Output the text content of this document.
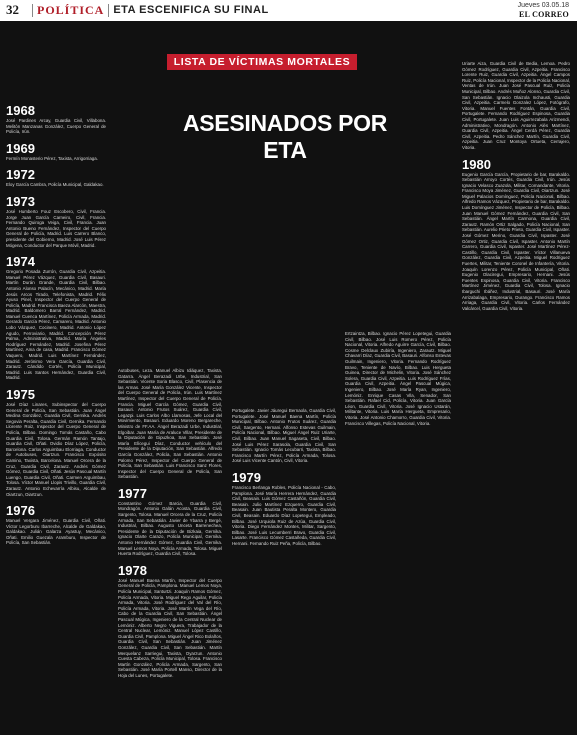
32	POLÍTICA ETA ESCENIFICA SU FINAL	Jueves 03.05.18
EL CORREO
LISTA DE VÍCTIMAS MORTALES
ASESINADOS POR ETA
1968
José Pardines Arcay, Guardia Civil, Villabona. Melitón Manzanas González, Cuerpo General de Policía, Irún.
1969
Fermín Monasterio Pérez, Taxista, Arrigorriaga.
1972
Eloy García Cambra, Policía Municipal, Galdakao.
1973
José Humberto Fouz Escobero, Civil, Francia. Jorge Juan García Carneiro, Civil, Francia. Fernando Quiroga Veiga, Civil, Francia. Juan Antonio Bueno Fernández, Inspector del Cuerpo General de Policía, Madrid. Luis Carrero Blanco, presidente del Gobierno, Madrid. José Luis Pérez Mógena, Conductor del Parque Móvil, Madrid.
1974
Gregorio Posada Zurrón, Guardia Civil, Azpeitia. Manuel Pérez Vázquez, Guardia Civil, Basauri. Martín Durán Grande, Guardia Civil, Bilbao. Antonio Alonso Palacín, Mecánico, Madrid. María Jesús Arcos Tirado, Telefonista, Madrid. Félix Ayuso Pinel, Inspector del Cuerpo General de Policía, Madrid. Francisca Baeza Alarcón, Maestra, Madrid. Baldomero Barral Fernández, Madrid. Manuel Cuenca Martínez, Policía Armada, Madrid. Gerardo García Pérez, Camarero, Madrid. Antonio Lobo Vázquez, Cocinero, Madrid. Antonio López Agudo, Ferroviario, Madrid. Concepción Pérez Palma, Administrativa, Madrid. María Ángeles Rodríguez Fernández, Madrid. Josefina Pérez Martínez, Ama de casa, Madrid. Francisco Gómez Vaquero, Madrid. Luis Martínez Fernández, Madrid. Jerónimo Vera García, Guardia Civil, Zarautz. Cándido Cortés, Policía Municipal, Madrid. Luis Santos Hernández, Guardia Civil, Madrid.
1975
José Díaz Linares, Subinspector del Cuerpo General de Policía, San Sebastián. Juan Ángel Medina González, Guardia Civil, Gernika. Andrés Segovia Peralta, Guardia Civil, Gernika. Fernando Llorente Roiz, Inspector del Cuerpo General de Policía, Bilbao. Domingo Tomás Castaño, Cabo Guardia Civil, Tolosa. Germán Ramón Tantajo, Guardia Civil, Oñati. Ovidio Díaz López, Policía, Barcelona. Carlos Arguimbau Elorriaga, Conductor de Autobuses, Oiartzun. Francisco Expósito Camino, Taxista, Barcelona. Manuel Orcera de la Cruz, Guardia Civil, Zarautz. Andrés Gómez Gómez, Guardia Civil, Oñati. Jesús Pascual Martín Luengo, Guardia Civil, Oñati. Carmen Arguimbau, Tolosa. Víctor Manuel Llopis Trivillo, Guardia Civil, Zarautz. Antonio Echevarría Albisu, Alcalde de Oiartzun, Oiartzun.
1976
Manuel Vergara Jiménez, Guardia Civil, Oñati. Víctor Legorburu Ibarreche, Alcalde de Galdakao, Galdakao. Julián Galarza Ayastuy, Mecánico, Oñati. Emilio Guezala Aramburu, Inspector de Policía, San Sebastián.
Autobuses, Leza. Manuel Albizu Idiáquez, Taxista, Gatarra. Ángel Berazadi Urbe, Industrial, San Sebastián. Vicente Soria Blasco, Civil, Plasencia de las Armas. José María González Vicente, Inspector del Cuerpo General de Policía, Irún. Luis Martínez Martínez, Inspector del Cuerpo General de Policía, Francia. Miguel García Gómez, Guardia Civil, Basauri. Antonio Frutos Suárez, Guardia Civil, Legazpi. Luis Carlos Albo Llamosas, Jefe Local del Movimiento, Basauri. Eduardo Moreno Bergareche, Ministro de FF.AA. Ángel Berazadi Urbe, Industrial, Elgoibar. Juan María de Araluce Villar, Presidente de la Diputación de Gipuzkoa, San Sebastián. José María Elícegui Díaz, Conductor vehículo del Presidente de la Diputación, San Sebastián. Alfredo García González, Policía, San Sebastián. Antonio Palomo Pérez, Inspector del Cuerpo General de Policía, San Sebastián. Luis Francisco Sanz Flores, Inspector del Cuerpo General de Policía, San Sebastián.
1977
Constantino Gómez Barcia, Guardia Civil, Mondragón. Antonio Galán Acosta, Guardia Civil, Sargento, Tolosa. Manuel Orcera de la Cruz, Policía Armada, San Sebastián. Javier de Ybarra y Bergé, Industrial, Bilbao. Augusto Unceta Barrenechea, Presidente de la Diputación de Bizkaia, Gernika. Ignacio Olarte Carazo, Policía Municipal, Gernika. Antonio Hernández Gómez, Guardia Civil, Gernika. Manuel Lemos Noya, Policía Armada, Tolosa. Miguel Huerta Rodríguez, Guardia Civil, Tolosa.
1978
José Manuel Baena Martín, Inspector del Cuerpo General de Policía, Pamplona. Manuel Lemos Noya, Policía Municipal, Santurtzi. Joaquín Ramos Gómez, Policía Armada, Vitoria. Miguel Rego Aguilar, Policía Armada, Vitoria. José Rodríguez del Val del Río, Policía Armada, Vitoria. José Martín Vega del Río, Cabo de la Guardia Civil, San Sebastián. Ángel Pascual Múgica, Ingeniero de la Central Nuclear de Lemóniz. Alberto Negro Viguera, Trabajador de la Central Nuclear, Lemóniz. Manuel López Castillo, Guardia Civil, Pamplona. Miguel Ángel Rico Bolaños, Guardia Civil, San Sebastián. Juan Jiménez González, Guardia Civil, San Sebastián. Martín Merquelanz Sarriegui, Taxista, Oyarzun. Antonio Cuesta Cabeza, Policía Municipal, Tolosa. Francisco Martín González, Policía Armada, Sargento, San Sebastián. José María Portell Manso, Director de la Hoja del Lunes, Portugalete.
Portugalete. Javier Jáuregui Bernaola, Guardia Civil, Portugalete. José Manuel Baena Martín, Policía Municipal, Bilbao. Antonio Frutos Suárez, Guardia Civil, Sargento, Hernani. Alfonso Estevas Guilmain, Policía Nacional, Bilbao. Miguel Ángel Ruiz Uriarte, Civil, Bilbao. Juan Manuel Sagaseta, Civil, Bilbao. José Luis Pérez Sarasola, Guardia Civil, San Sebastián. Ignacio Tomás Lecubarri, Taxista, Bilbao. Francisco Martín Pérez, Policía Armada, Tolosa. José Luis Vicente Cantón, Civil, Vitoria.
1979
Francisco Berlanga Robles, Policía Nacional - Cabo, Pamplona. José María Herrera Hernández, Guardia Civil, Beasain. Luis Gómez Castañón, Guardia Civil, Beasain. Julio Martínez Ezquerro, Guardia Civil, Beasain. Juan Bautista Peralta Montero, Guardia Civil, Beasain. Eduardo Díaz Lopetegui, Empleado, Bilbao. José Urquiola Ruiz de Azúa, Guardia Civil, Vitoria. Diego Fernández Montes, Militar, Sargento, Bilbao. José Luis Lecumberri Bravo, Guardia Civil, Lasarte. Francisco Gómez Castañeda, Guardia Civil, Hernani. Fernando Ruiz Peña, Policía, Bilbao.
Ertzaintza, Bilbao. Ignacio Pérez Lopetegui, Guardia Civil, Bilbao. José Luis Romero Pérez, Policía Nacional, Vitoria. Alfredo Aguirre García, Civil, Bilbao. Cosme Delclaux Zubiría, Ingeniero, Zarautz. Miguel Chavarri Díaz, Guardia Civil, Basauri. Alfonso Estevas Guilmain, Ingeniero, Vitoria. Fernando Rodríguez Bravo, Teniente de Navío, Bilbao. Luis Hergueta Guinea, Director de Michelin, Vitoria. José Sánchez Solera, Guardia Civil, Azpeitia. Luis Rodríguez Frías, Guardia Civil, Azpeitia. Ángel Pascual Múgica, Ingeniero, Bilbao. José María Ryan, Ingeniero, Lemóniz. Enrique Casas Vila, Senador, San Sebastián. Rafael Cid, Policía, Vitoria. Juan García Léon, Guardia Civil, Vitoria. José Ignacio Ustarán, Militante, Vitoria. Luis María Hergueta, Empresario, Vitoria. José Antonio Chamorro, Guardia Civil, Vitoria. Francisco Villegas, Policía Nacional, Vitoria.
Uriarte Aiza, Guardia Civil de Bedia, Lemoa. Pedro Gómez Rodríguez, Guardia Civil, Azpeitia. Francisco Lorente Ruiz, Guardia Civil, Azpeitia. Ángel Campos Ruiz, Policía Nacional, Inspector de la Policía Nacional, Ventas de Irún. Juan José Pascual Ruiz, Policía Municipal, Bilbao. Andrés Muñoz Alonso, Guardia Civil, San Sebastián. Ignacio Olaizola Inchausti, Guardia Civil, Azpeitia. Carmelo Gonzalez López, Fotógrafo, Vitoria. Manuel Fuentes Fontán, Guardia Civil, Portugalete. Fernando Rodríguez Espinosa, Guardia Civil, Portugalete. Juan Luis Aguirrezabala Arizmendi, Administrativo, Mondragón. Antonio Alés Martínez, Guardia Civil, Azpeitia. Ángel Cerdá Pérez, Guardia Civil, Azpeitia. Pedro Sánchez Martín, Guardia Civil, Azpeitia. Juan Cruz Montoya Ortueta, Cerrajero, Vitoria.
1980
Eugenio García García, Propietario de bar, Barakaldo. Sebastián Arroyo Cortés, Guardia Civil, Irún. Jesús Ignacio Velasco Zuazola, Militar, Comandante, Vitoria. Francisco Moya Jiménez, Guardia Civil, Oiartzun. José Miguel Palacios Domínguez, Policía Nacional, Bilbao. Alfredo Ramos Vázquez, Propietario de bar, Barakaldo. Luis Domínguez Jiménez, Inspector de Policía, Bilbao. Juan Manuel Gómez Fernández, Guardia Civil, San Sebastián. Ángel Martín Carmona, Guardia Civil, Zarautz. Ramón Ortiz Salgado, Policía Nacional, San Sebastián. Aurelio Prieto Prieto, Guardia Civil, Ispaster. José Gómez Merino, Guardia Civil, Ispaster. José Gómez Ortiz, Guardia Civil, Ispaster. Antonio Martín Carrero, Guardia Civil, Ispaster. José Martínez Pérez-Castillo, Guardia Civil, Ispaster. Víctor Villanueva González, Guardia Civil, Azpeitia. Miguel Rodríguez Fuertes, Militar, Teniente Coronel de Infantería, Vitoria. Joaquín Lorenzo Pérez, Policía Municipal, Oñati. Eugenio Olaciregui, Empresario, Hernani. Jesús Fuentes Espinosa, Guardia Civil, Vitoria. Francisco Martínez Jiménez, Guardia Civil, Tolosa. Ignacio Ibarguchi Ibáñez, Industrial, Basauri. José María Arrizabalaga, Empresario, Durango. Francisco Ramos Arriaga, Guardia Civil, Vitoria. Carlos Fernández Valcárcel, Guardia Civil, Vitoria.
